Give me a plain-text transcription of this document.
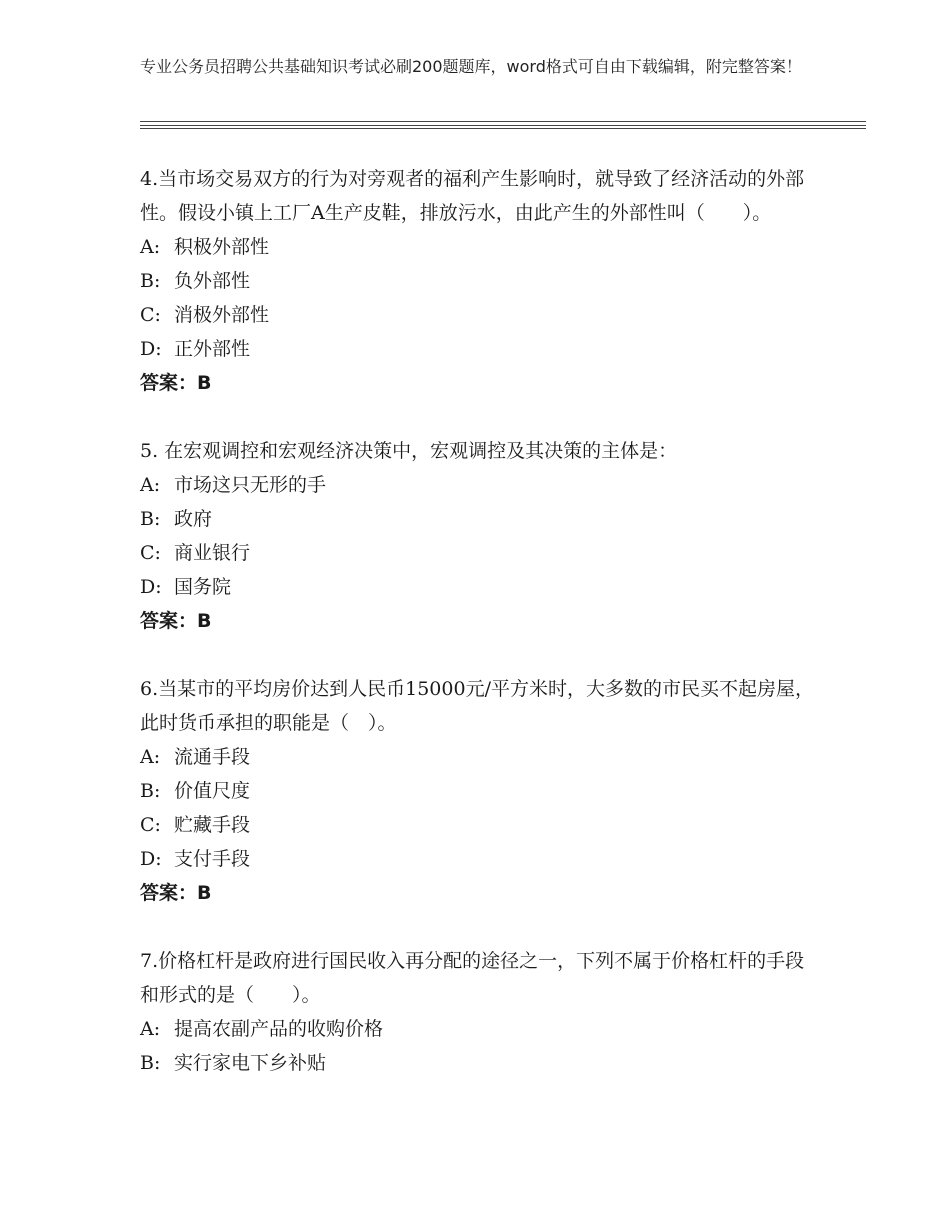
专业公务员招聘公共基础知识考试必刷200题题库，word格式可自由下载编辑，附完整答案！

4.当市场交易双方的行为对旁观者的福利产生影响时，就导致了经济活动的外部性。假设小镇上工厂A生产皮鞋，排放污水，由此产生的外部性叫（　　）。

A: 积极外部性

B: 负外部性

C: 消极外部性

D: 正外部性

答案：B

5. 在宏观调控和宏观经济决策中，宏观调控及其决策的主体是：

A: 市场这只无形的手

B: 政府

C: 商业银行

D: 国务院

答案：B

6.当某市的平均房价达到人民币15000元/平方米时，大多数的市民买不起房屋，此时货币承担的职能是（　）。

A: 流通手段

B: 价值尺度

C: 贮藏手段

D: 支付手段

答案：B

7.价格杠杆是政府进行国民收入再分配的途径之一，下列不属于价格杠杆的手段和形式的是（　　）。

A: 提高农副产品的收购价格

B: 实行家电下乡补贴
